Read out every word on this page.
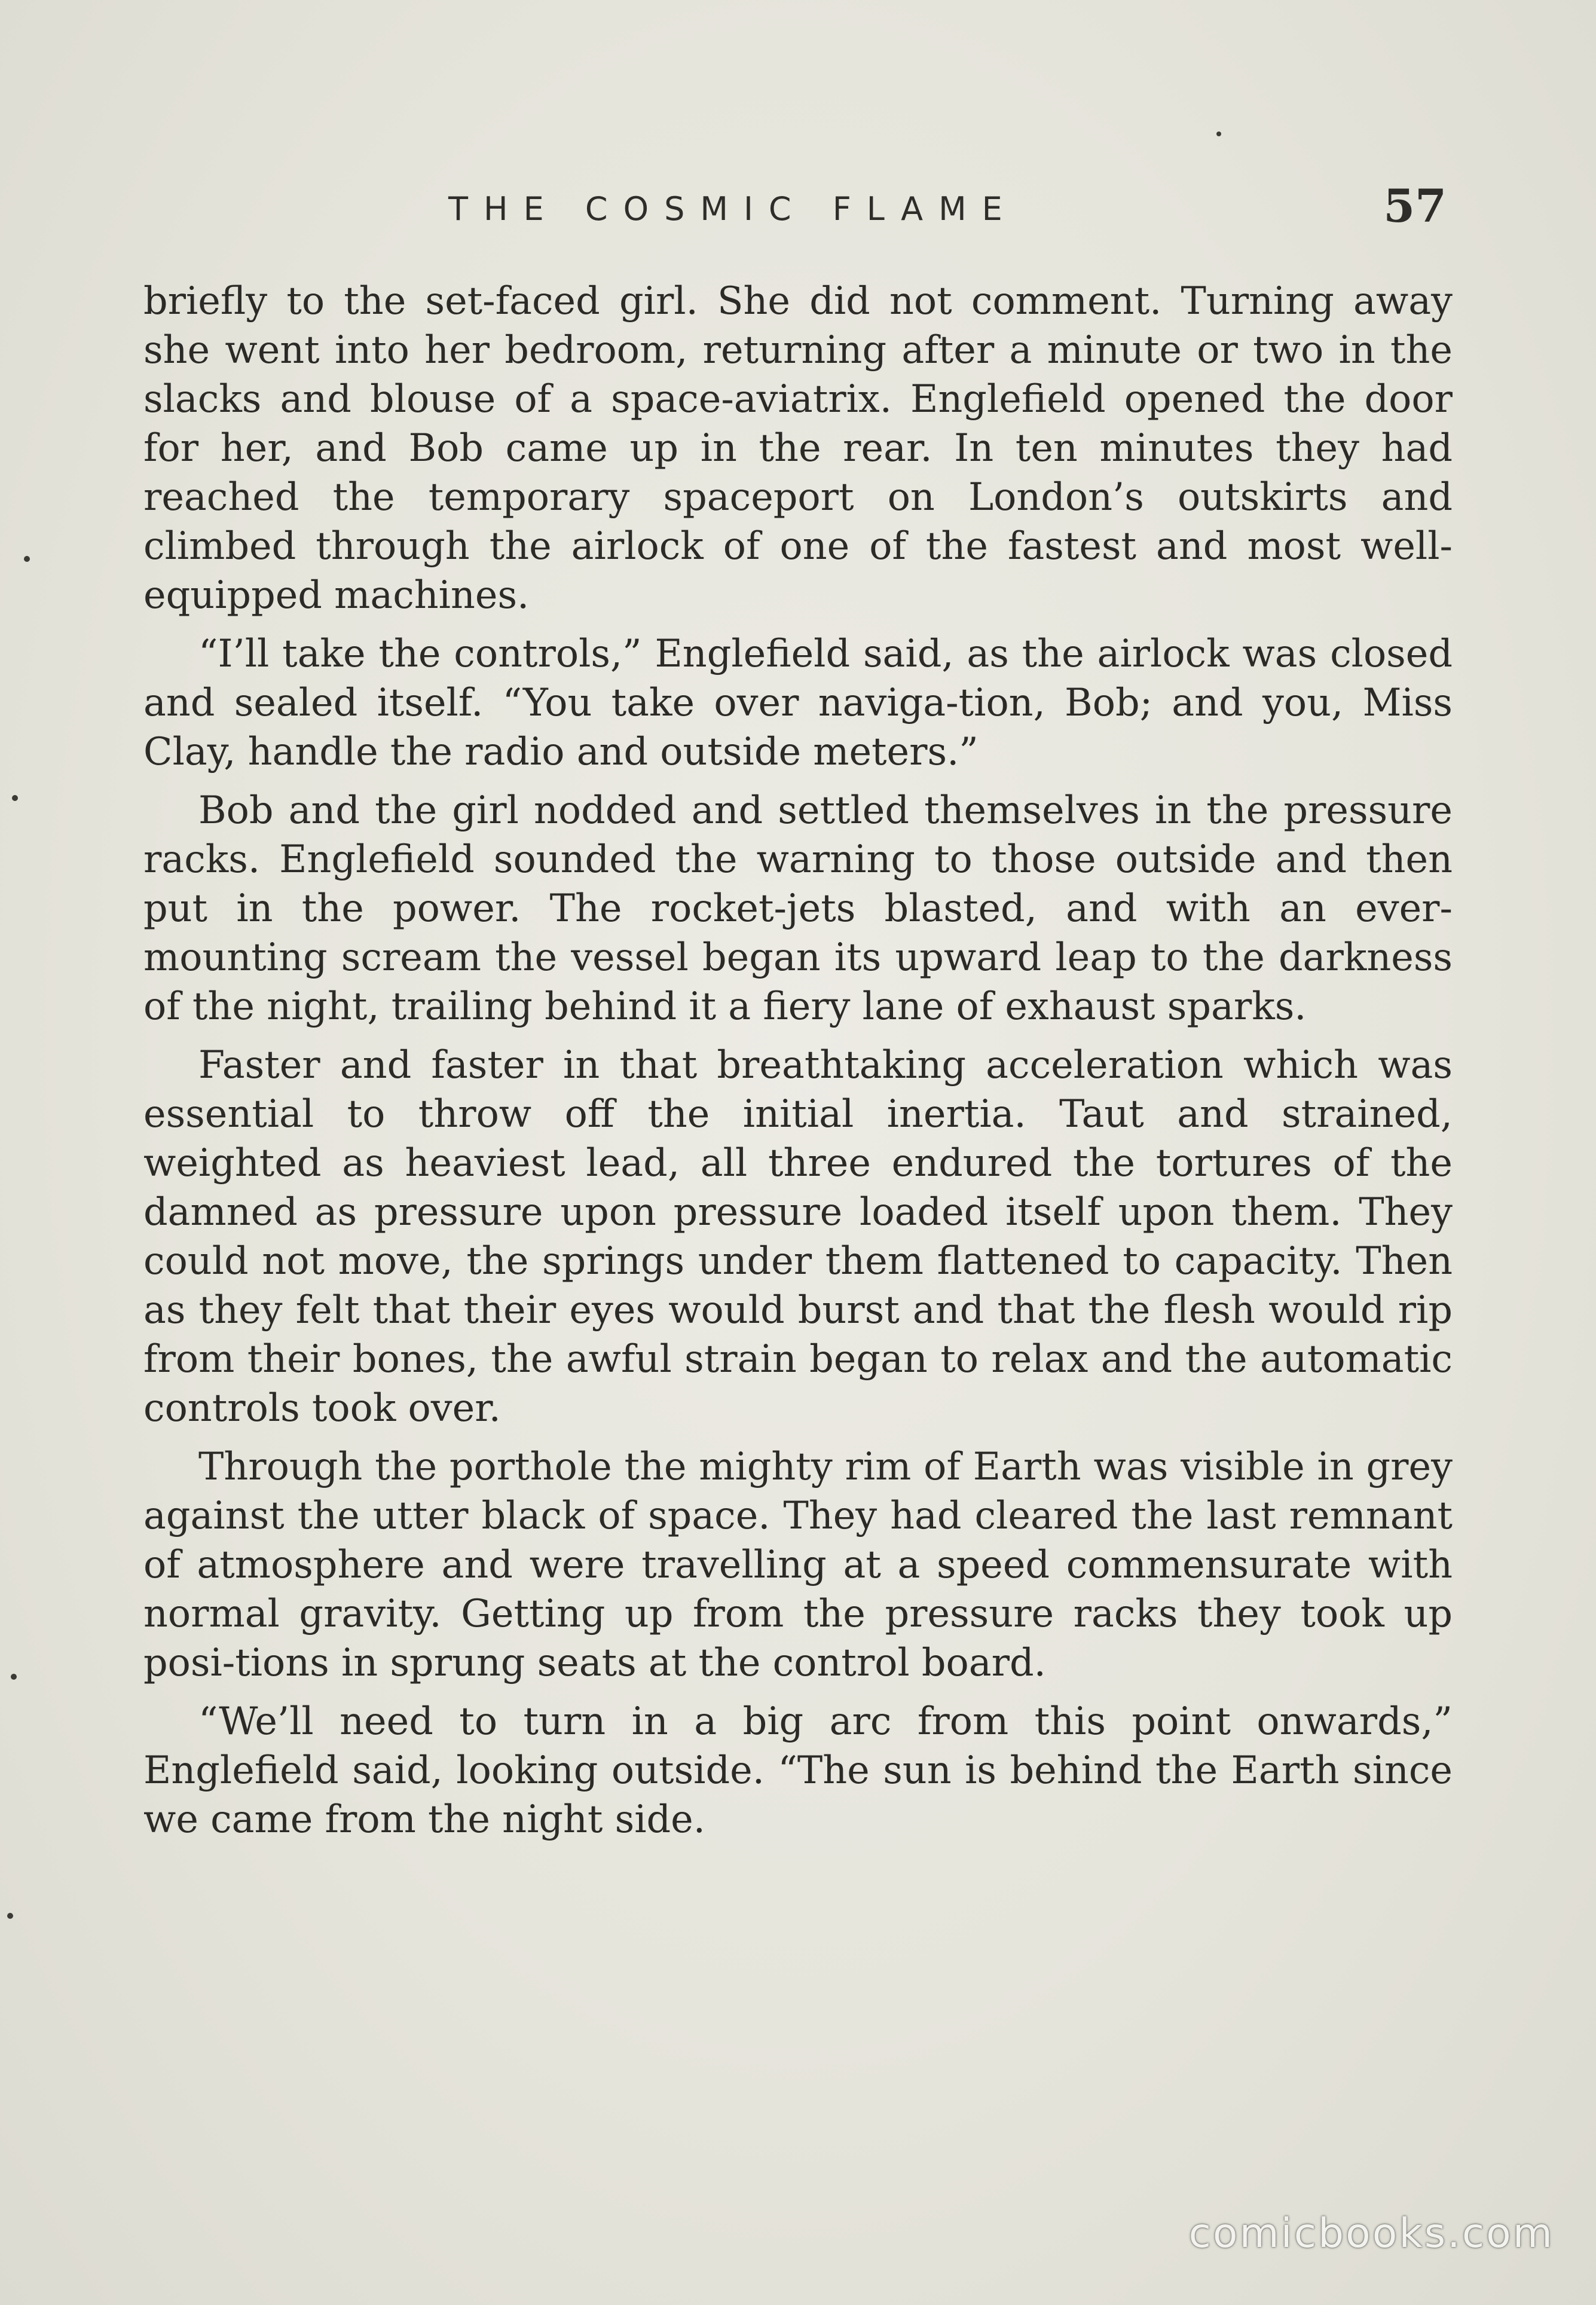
THE COSMIC FLAME	57

briefly to the set-faced girl. She did not comment. Turning away she went into her bedroom, returning after a minute or two in the slacks and blouse of a space-aviatrix. Englefield opened the door for her, and Bob came up in the rear. In ten minutes they had reached the temporary spaceport on London’s outskirts and climbed through the airlock of one of the fastest and most well-equipped machines.

“I’ll take the controls,” Englefield said, as the airlock was closed and sealed itself. “You take over naviga-tion, Bob; and you, Miss Clay, handle the radio and outside meters.”

Bob and the girl nodded and settled themselves in the pressure racks. Englefield sounded the warning to those outside and then put in the power. The rocket-jets blasted, and with an ever-mounting scream the vessel began its upward leap to the darkness of the night, trailing behind it a fiery lane of exhaust sparks.

Faster and faster in that breathtaking acceleration which was essential to throw off the initial inertia. Taut and strained, weighted as heaviest lead, all three endured the tortures of the damned as pressure upon pressure loaded itself upon them. They could not move, the springs under them flattened to capacity. Then as they felt that their eyes would burst and that the flesh would rip from their bones, the awful strain began to relax and the automatic controls took over.

Through the porthole the mighty rim of Earth was visible in grey against the utter black of space. They had cleared the last remnant of atmosphere and were travelling at a speed commensurate with normal gravity. Getting up from the pressure racks they took up posi-tions in sprung seats at the control board.

“We’ll need to turn in a big arc from this point onwards,” Englefield said, looking outside. “The sun is behind the Earth since we came from the night side.

comicbooks.com
